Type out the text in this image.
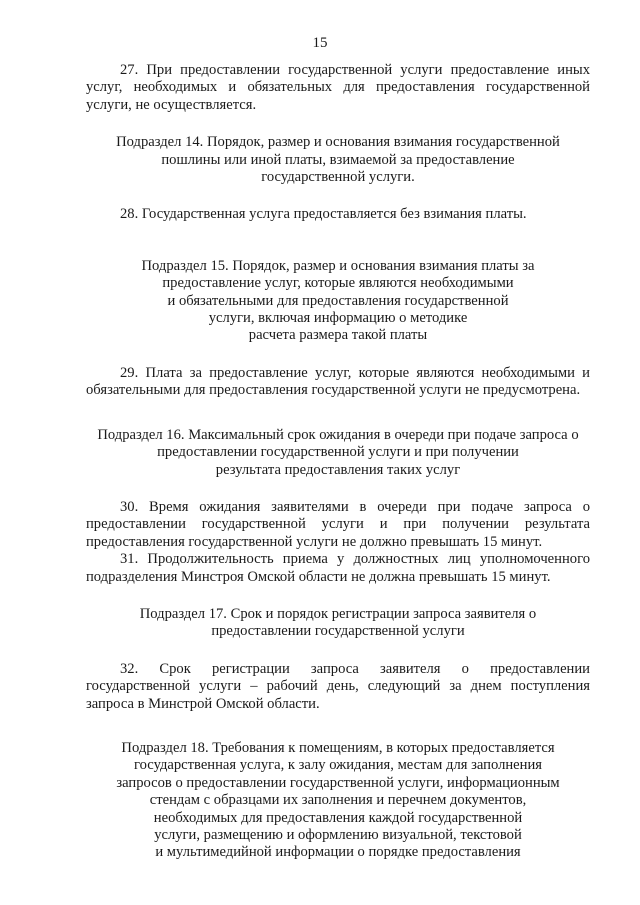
15

27. При предоставлении государственной услуги предоставление иных услуг, необходимых и обязательных для предоставления государственной услуги, не осуществляется.

Подраздел 14. Порядок, размер и основания взимания государственной
пошлины или иной платы, взимаемой за предоставление
государственной услуги.

28. Государственная услуга предоставляется без взимания платы.

Подраздел 15. Порядок, размер и основания взимания платы за
предоставление услуг, которые являются необходимыми
и обязательными для предоставления государственной
услуги, включая информацию о методике
расчета размера такой платы

29. Плата за предоставление услуг, которые являются необходимыми и обязательными для предоставления государственной услуги не предусмотрена.

Подраздел 16. Максимальный срок ожидания в очереди при подаче запроса о
предоставлении государственной услуги и при получении
результата предоставления таких услуг

30. Время ожидания заявителями в очереди при подаче запроса о предоставлении государственной услуги и при получении результата предоставления государственной услуги не должно превышать 15 минут.

31. Продолжительность приема у должностных лиц уполномоченного подразделения Минстроя Омской области не должна превышать 15 минут.

Подраздел 17. Срок и порядок регистрации запроса заявителя о
предоставлении государственной услуги

32. Срок регистрации запроса заявителя о предоставлении государственной услуги – рабочий день, следующий за днем поступления запроса в Минстрой Омской области.

Подраздел 18. Требования к помещениям, в которых предоставляется
государственная услуга, к залу ожидания, местам для заполнения
запросов о предоставлении государственной услуги, информационным
стендам с образцами их заполнения и перечнем документов,
необходимых для предоставления каждой государственной
услуги, размещению и оформлению визуальной, текстовой
и мультимедийной информации о порядке предоставления
